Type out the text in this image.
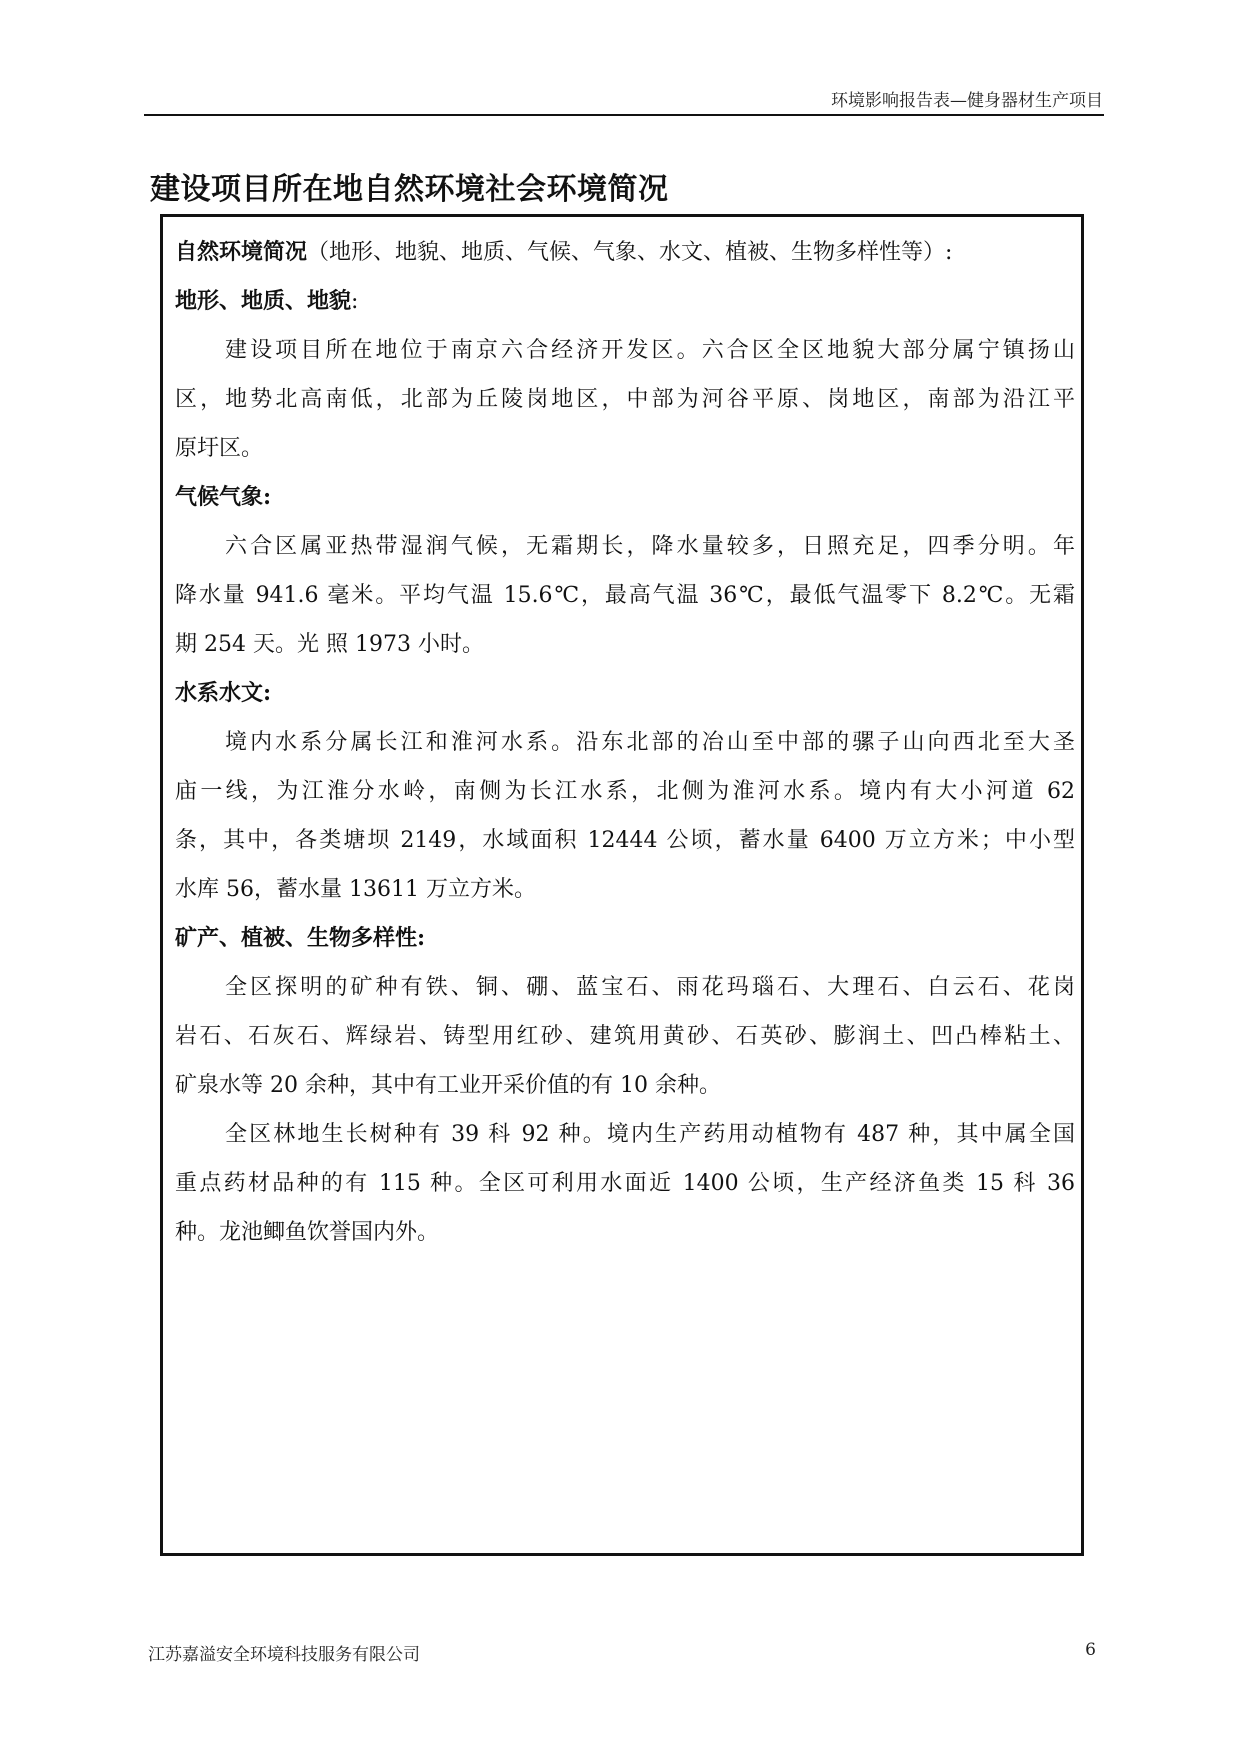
环境影响报告表—健身器材生产项目
建设项目所在地自然环境社会环境简况
自然环境简况（地形、地貌、地质、气候、气象、水文、植被、生物多样性等）:
地形、地质、地貌:
建设项目所在地位于南京六合经济开发区。六合区全区地貌大部分属宁镇扬山
区，地势北高南低，北部为丘陵岗地区，中部为河谷平原、岗地区，南部为沿江平
原圩区。
气候气象:
六合区属亚热带湿润气候，无霜期长，降水量较多，日照充足，四季分明。年
降水量 941.6 毫米。平均气温 15.6℃，最高气温 36℃，最低气温零下 8.2℃。无霜
期 254 天。光 照 1973 小时。
水系水文:
境内水系分属长江和淮河水系。沿东北部的冶山至中部的骡子山向西北至大圣
庙一线，为江淮分水岭，南侧为长江水系，北侧为淮河水系。境内有大小河道 62
条，其中，各类塘坝 2149，水域面积 12444 公顷，蓄水量 6400 万立方米；中小型
水库 56，蓄水量 13611 万立方米。
矿产、植被、生物多样性:
全区探明的矿种有铁、铜、硼、蓝宝石、雨花玛瑙石、大理石、白云石、花岗
岩石、石灰石、辉绿岩、铸型用红砂、建筑用黄砂、石英砂、膨润土、凹凸棒粘土、
矿泉水等 20 余种，其中有工业开采价值的有 10 余种。
全区林地生长树种有 39 科 92 种。境内生产药用动植物有 487 种，其中属全国
重点药材品种的有 115 种。全区可利用水面近 1400 公顷，生产经济鱼类 15 科 36
种。龙池鲫鱼饮誉国内外。
江苏嘉溢安全环境科技服务有限公司	6
